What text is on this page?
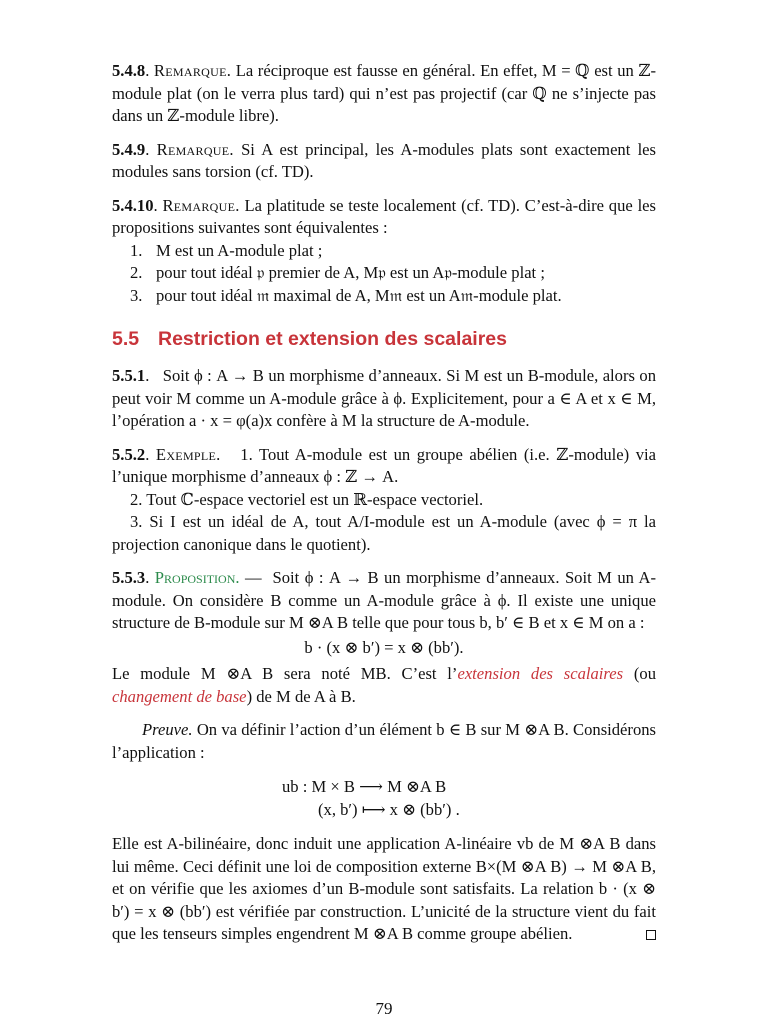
5.4.8. Remarque. La réciproque est fausse en général. En effet, M = ℚ est un ℤ-module plat (on le verra plus tard) qui n’est pas projectif (car ℚ ne s’injecte pas dans un ℤ-module libre).

5.4.9. Remarque. Si A est principal, les A-modules plats sont exactement les modules sans torsion (cf. TD).

5.4.10. Remarque. La platitude se teste localement (cf. TD). C’est-à-dire que les propositions suivantes sont équivalentes :

1. M est un A-module plat ;
2. pour tout idéal 𝔭 premier de A, M𝔭 est un A𝔭-module plat ;
3. pour tout idéal 𝔪 maximal de A, M𝔪 est un A𝔪-module plat.
5.5 Restriction et extension des scalaires

5.5.1.   Soit ϕ : A → B un morphisme d’anneaux. Si M est un B-module, alors on peut voir M comme un A-module grâce à ϕ. Explicitement, pour a ∈ A et x ∈ M, l’opération a · x = φ(a)x confère à M la structure de A-module.

5.5.2. Exemple. 1. Tout A-module est un groupe abélien (i.e. ℤ-module) via l’unique morphisme d’anneaux ϕ : ℤ → A.

2. Tout ℂ-espace vectoriel est un ℝ-espace vectoriel.

3. Si I est un idéal de A, tout A/I-module est un A-module (avec ϕ = π la projection canonique dans le quotient).

5.5.3. Proposition. — Soit ϕ : A → B un morphisme d’anneaux. Soit M un A-module. On considère B comme un A-module grâce à ϕ. Il existe une unique structure de B-module sur M ⊗A B telle que pour tous b, b′ ∈ B et x ∈ M on a :

b · (x ⊗ b′) = x ⊗ (bb′).

Le module M ⊗A B sera noté MB. C’est l’extension des scalaires (ou changement de base) de M de A à B.

Preuve. On va définir l’action d’un élément b ∈ B sur M ⊗A B. Considérons l’application :

ub : M × B ⟶ M ⊗A B
(x, b′) ⟼ x ⊗ (bb′) .

Elle est A-bilinéaire, donc induit une application A-linéaire vb de M ⊗A B dans lui même. Ceci définit une loi de composition externe B×(M ⊗A B) → M ⊗A B, et on vérifie que les axiomes d’un B-module sont satisfaits. La relation b · (x ⊗ b′) = x ⊗ (bb′) est vérifiée par construction. L’unicité de la structure vient du fait que les tenseurs simples engendrent M ⊗A B comme groupe abélien.

79
